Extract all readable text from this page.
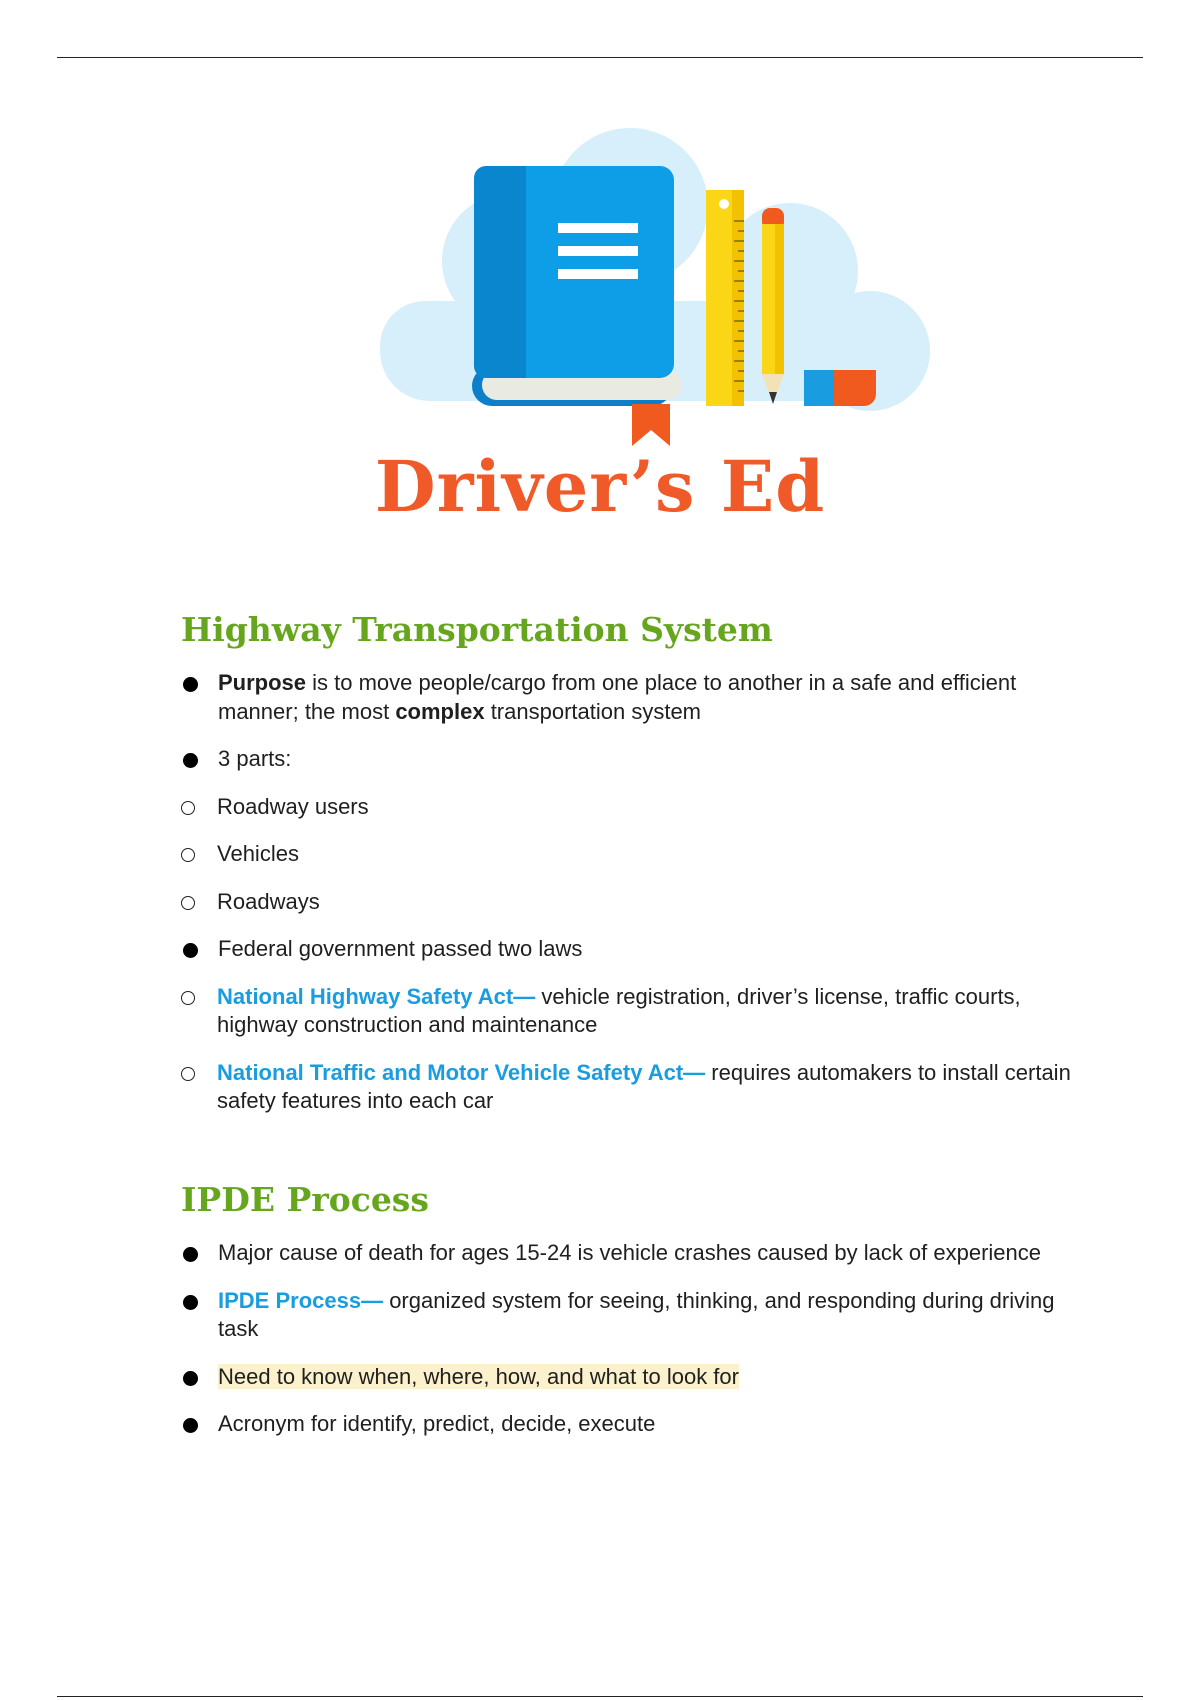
Driver’s Ed
Highway Transportation System
Purpose is to move people/cargo from one place to another in a safe and efficient manner; the most complex transportation system
3 parts:
Roadway users
Vehicles
Roadways
Federal government passed two laws
National Highway Safety Act— vehicle registration, driver’s license, traffic courts, highway construction and maintenance
National Traffic and Motor Vehicle Safety Act— requires automakers to install certain safety features into each car
IPDE Process
Major cause of death for ages 15-24 is vehicle crashes caused by lack of experience
IPDE Process— organized system for seeing, thinking, and responding during driving task
Need to know when, where, how, and what to look for
Acronym for identify, predict, decide, execute
